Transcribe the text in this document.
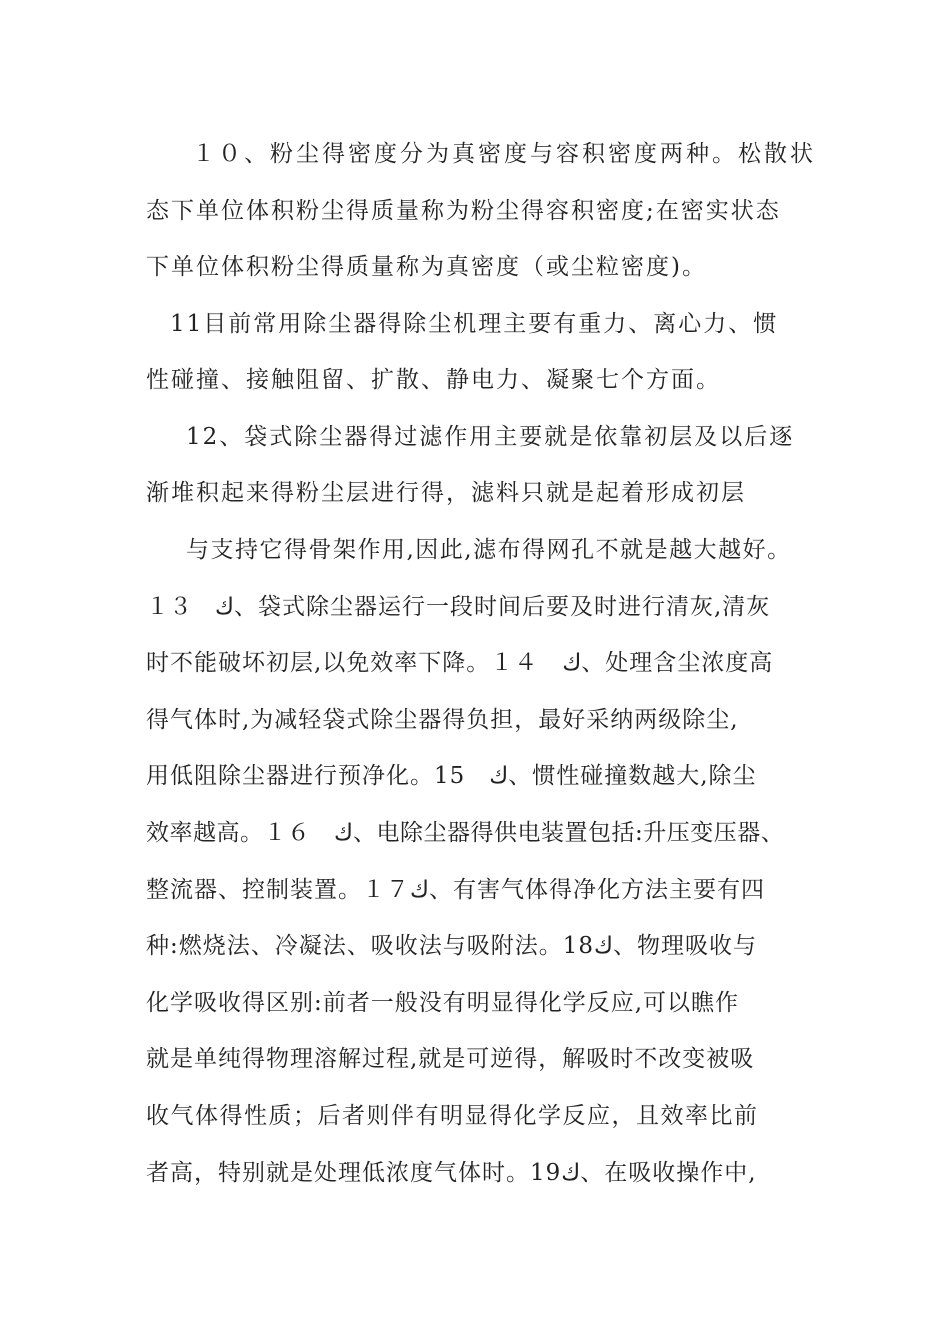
１０、粉尘得密度分为真密度与容积密度两种。松散状
态下单位体积粉尘得质量称为粉尘得容积密度;在密实状态
下单位体积粉尘得质量称为真密度（或尘粒密度)。
11目前常用除尘器得除尘机理主要有重力、离心力、惯
性碰撞、接触阻留、扩散、静电力、凝聚七个方面。
12、袋式除尘器得过滤作用主要就是依靠初层及以后逐
渐堆积起来得粉尘层进行得，滤料只就是起着形成初层
与支持它得骨架作用,因此,滤布得网孔不就是越大越好。
１３　ك、袋式除尘器运行一段时间后要及时进行清灰,清灰
时不能破坏初层,以免效率下降。１４　ك、处理含尘浓度高
得气体时,为减轻袋式除尘器得负担，最好采纳两级除尘,
用低阻除尘器进行预净化。15　ك、惯性碰撞数越大,除尘
效率越高。１６　ك、电除尘器得供电装置包括:升压变压器、
整流器、控制装置。１７ك、有害气体得净化方法主要有四
种:燃烧法、冷凝法、吸收法与吸附法。18ك、物理吸收与
化学吸收得区别:前者一般没有明显得化学反应,可以瞧作
就是单纯得物理溶解过程,就是可逆得，解吸时不改变被吸
收气体得性质；后者则伴有明显得化学反应，且效率比前
者高，特别就是处理低浓度气体时。19ك、在吸收操作中,
